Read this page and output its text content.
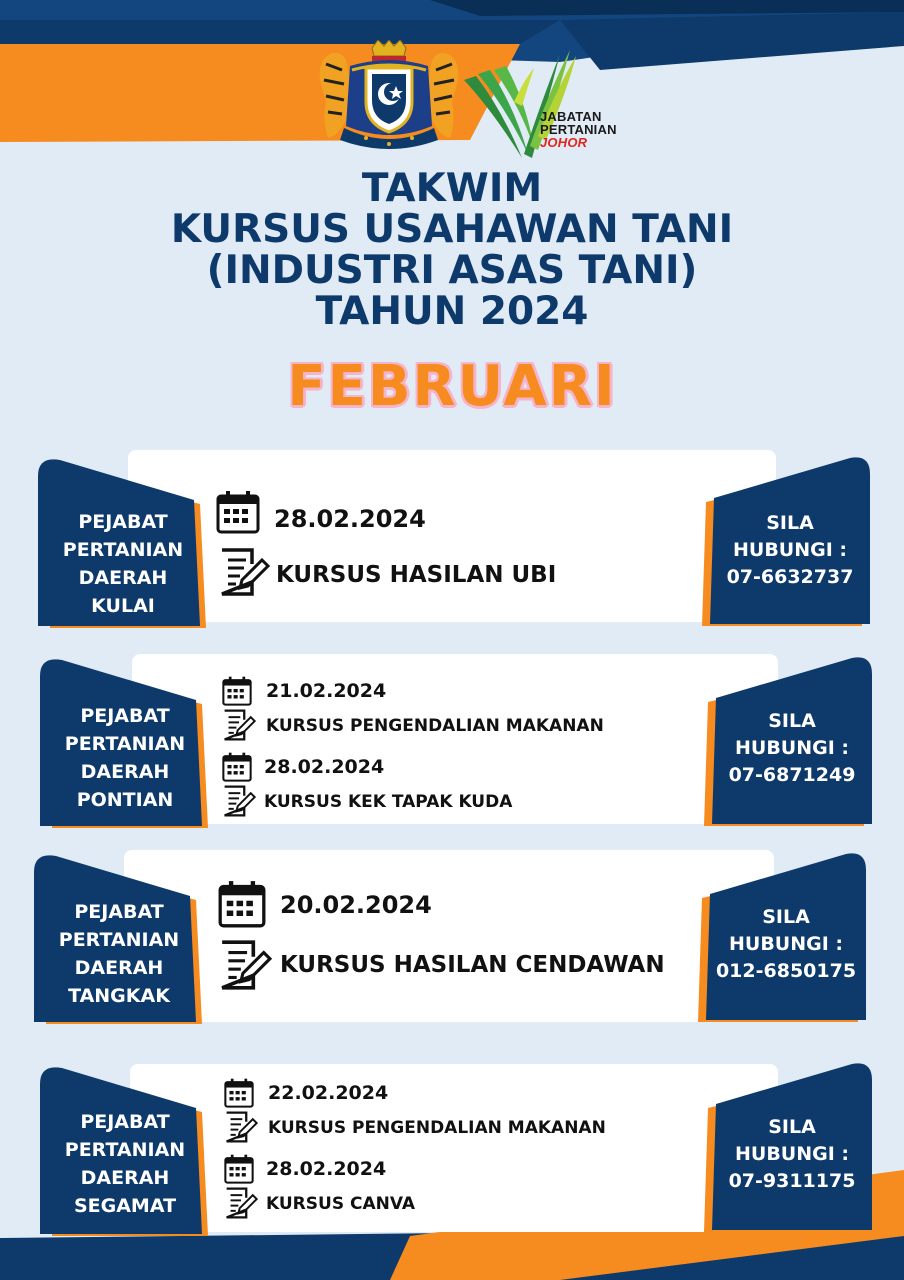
JABATAN
PERTANIAN
JOHOR
TAKWIM
KURSUS USAHAWAN TANI
(INDUSTRI ASAS TANI)
TAHUN 2024
FEBRUARI
PEJABAT
PERTANIAN
DAERAH
KULAI
SILA
HUBUNGI :
07-6632737
28.02.2024
KURSUS HASILAN UBI
PEJABAT
PERTANIAN
DAERAH
PONTIAN
SILA
HUBUNGI :
07-6871249
21.02.2024
KURSUS PENGENDALIAN MAKANAN
28.02.2024
KURSUS KEK TAPAK KUDA
PEJABAT
PERTANIAN
DAERAH
TANGKAK
SILA
HUBUNGI :
012-6850175
20.02.2024
KURSUS HASILAN CENDAWAN
PEJABAT
PERTANIAN
DAERAH
SEGAMAT
SILA
HUBUNGI :
07-9311175
22.02.2024
KURSUS PENGENDALIAN MAKANAN
28.02.2024
KURSUS CANVA
